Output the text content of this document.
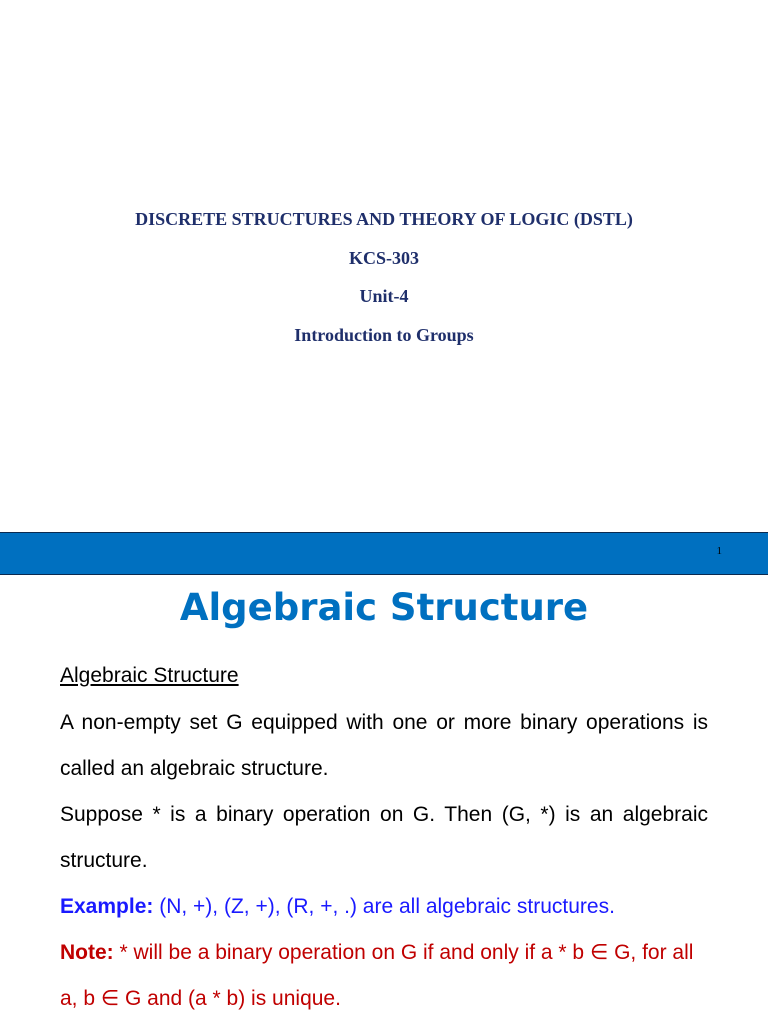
DISCRETE STRUCTURES AND THEORY OF LOGIC (DSTL)

KCS-303

Unit-4

Introduction to Groups

1
Algebraic Structure
Algebraic Structure

A non-empty set G equipped with one or more binary operations is called an algebraic structure.

Suppose * is a binary operation on G. Then (G, *) is an algebraic structure.

Example: (N, +), (Z, +), (R, +, .) are all algebraic structures.

Note: * will be a binary operation on G if and only if a * b ∈ G, for all a, b ∈ G and (a * b) is unique.
